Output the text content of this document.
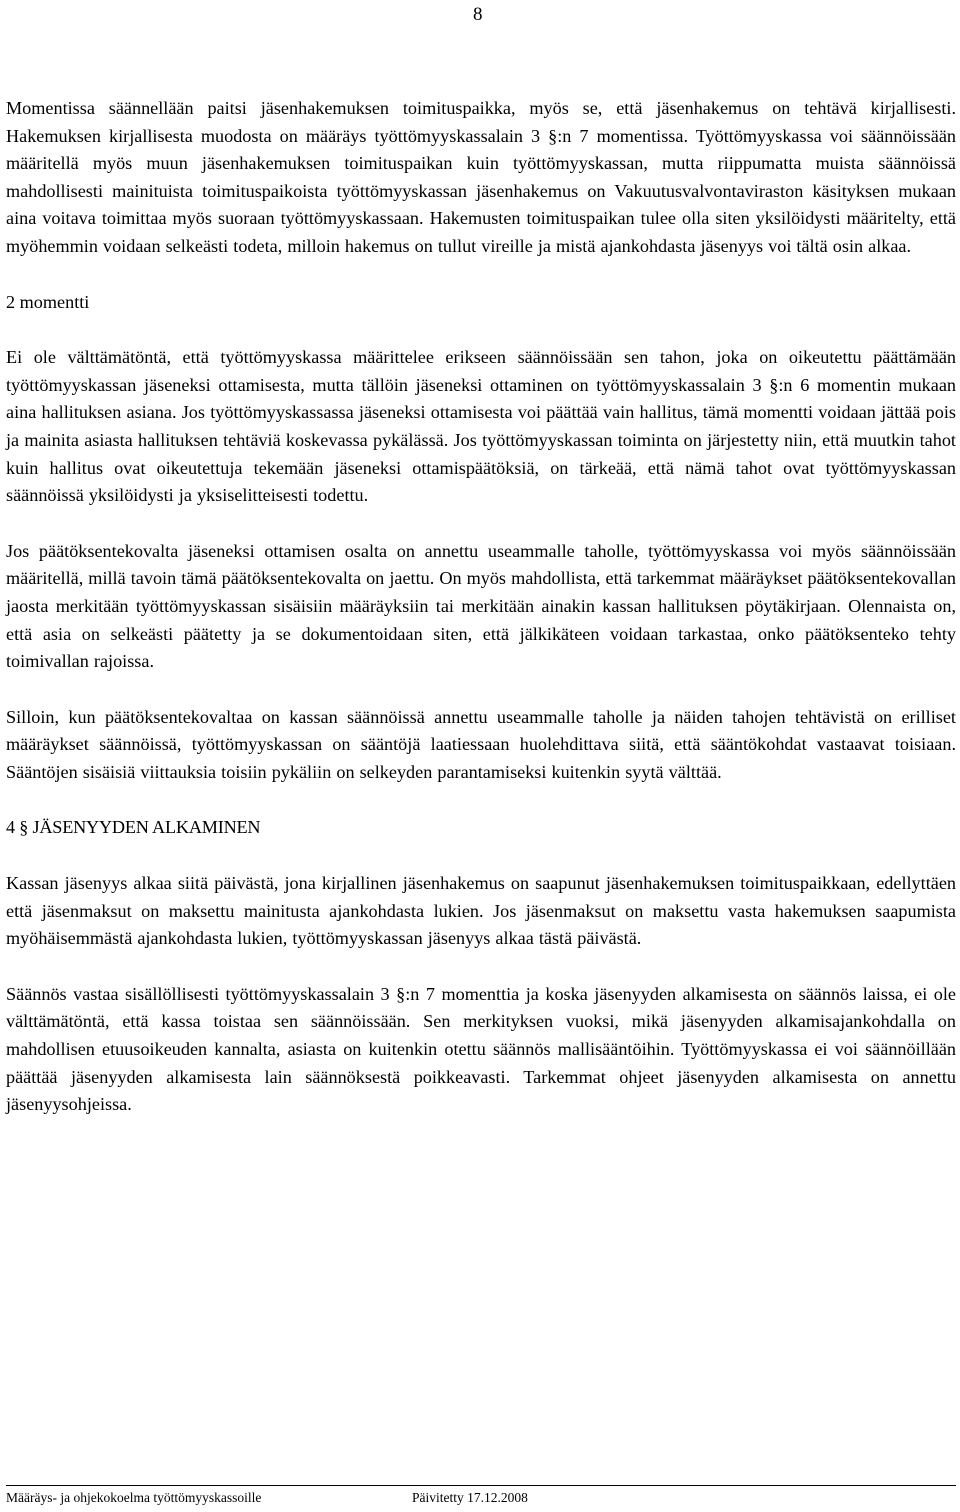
8

Momentissa säännellään paitsi jäsenhakemuksen toimituspaikka, myös se, että jäsenhakemus on tehtävä kirjallisesti. Hakemuksen kirjallisesta muodosta on määräys työttömyyskassalain 3 §:n 7 momentissa. Työttömyyskassa voi säännöissään määritellä myös muun jäsenhakemuksen toimituspaikan kuin työttömyyskassan, mutta riippumatta muista säännöissä mahdollisesti mainituista toimituspaikoista työttömyyskassan jäsenhakemus on Vakuutusvalvontaviraston käsityksen mukaan aina voitava toimittaa myös suoraan työttömyyskassaan. Hakemusten toimituspaikan tulee olla siten yksilöidysti määritelty, että myöhemmin voidaan selkeästi todeta, milloin hakemus on tullut vireille ja mistä ajankohdasta jäsenyys voi tältä osin alkaa.

2 momentti

Ei ole välttämätöntä, että työttömyyskassa määrittelee erikseen säännöissään sen tahon, joka on oikeutettu päättämään työttömyyskassan jäseneksi ottamisesta, mutta tällöin jäseneksi ottaminen on työttömyyskassalain 3 §:n 6 momentin mukaan aina hallituksen asiana. Jos työttömyyskassassa jäseneksi ottamisesta voi päättää vain hallitus, tämä momentti voidaan jättää pois ja mainita asiasta hallituksen tehtäviä koskevassa pykälässä. Jos työttömyyskassan toiminta on järjestetty niin, että muutkin tahot kuin hallitus ovat oikeutettuja tekemään jäseneksi ottamispäätöksiä, on tärkeää, että nämä tahot ovat työttömyyskassan säännöissä yksilöidysti ja yksiselitteisesti todettu.

Jos päätöksentekovalta jäseneksi ottamisen osalta on annettu useammalle taholle, työttömyyskassa voi myös säännöissään määritellä, millä tavoin tämä päätöksentekovalta on jaettu. On myös mahdollista, että tarkemmat määräykset päätöksentekovallan jaosta merkitään työttömyyskassan sisäisiin määräyksiin tai merkitään ainakin kassan hallituksen pöytäkirjaan. Olennaista on, että asia on selkeästi päätetty ja se dokumentoidaan siten, että jälkikäteen voidaan tarkastaa, onko päätöksenteko tehty toimivallan rajoissa.

Silloin, kun päätöksentekovaltaa on kassan säännöissä annettu useammalle taholle ja näiden tahojen tehtävistä on erilliset määräykset säännöissä, työttömyyskassan on sääntöjä laatiessaan huolehdittava siitä, että sääntökohdat vastaavat toisiaan. Sääntöjen sisäisiä viittauksia toisiin pykäliin on selkeyden parantamiseksi kuitenkin syytä välttää.

4 § JÄSENYYDEN ALKAMINEN

Kassan jäsenyys alkaa siitä päivästä, jona kirjallinen jäsenhakemus on saapunut jäsenhakemuksen toimituspaikkaan, edellyttäen että jäsenmaksut on maksettu mainitusta ajankohdasta lukien. Jos jäsenmaksut on maksettu vasta hakemuksen saapumista myöhäisemmästä ajankohdasta lukien, työttömyyskassan jäsenyys alkaa tästä päivästä.

Säännös vastaa sisällöllisesti työttömyyskassalain 3 §:n 7 momenttia ja koska jäsenyyden alkamisesta on säännös laissa, ei ole välttämätöntä, että kassa toistaa sen säännöissään. Sen merkityksen vuoksi, mikä jäsenyyden alkamisajankohdalla on mahdollisen etuusoikeuden kannalta, asiasta on kuitenkin otettu säännös mallisääntöihin. Työttömyyskassa ei voi säännöillään päättää jäsenyyden alkamisesta lain säännöksestä poikkeavasti. Tarkemmat ohjeet jäsenyyden alkamisesta on annettu jäsenyysohjeissa.

Määräys- ja ohjekokoelma työttömyyskassoille	Päivitetty 17.12.2008
